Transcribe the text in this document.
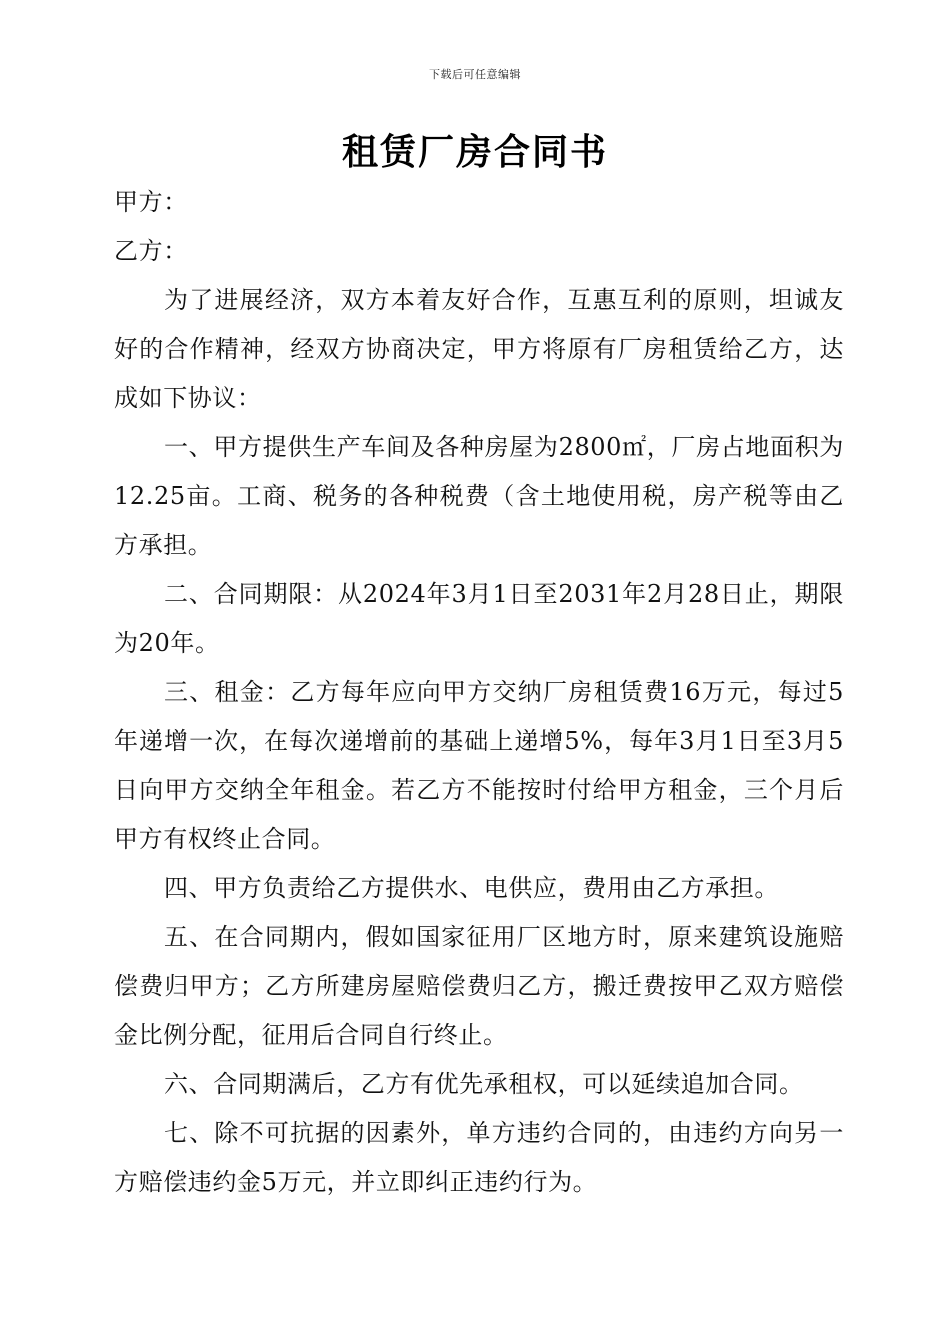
下载后可任意编辑
租赁厂房合同书

甲方：

乙方：

为了进展经济，双方本着友好合作，互惠互利的原则，坦诚友好的合作精神，经双方协商决定，甲方将原有厂房租赁给乙方，达成如下协议：

一、甲方提供生产车间及各种房屋为2800㎡，厂房占地面积为12.25亩。工商、税务的各种税费（含土地使用税，房产税等由乙方承担。

二、合同期限：从2024年3月1日至2031年2月28日止，期限为20年。

三、租金：乙方每年应向甲方交纳厂房租赁费16万元，每过5年递增一次，在每次递增前的基础上递增5%，每年3月1日至3月5日向甲方交纳全年租金。若乙方不能按时付给甲方租金，三个月后甲方有权终止合同。

四、甲方负责给乙方提供水、电供应，费用由乙方承担。

五、在合同期内，假如国家征用厂区地方时，原来建筑设施赔偿费归甲方；乙方所建房屋赔偿费归乙方，搬迁费按甲乙双方赔偿金比例分配，征用后合同自行终止。

六、合同期满后，乙方有优先承租权，可以延续追加合同。

七、除不可抗据的因素外，单方违约合同的，由违约方向另一方赔偿违约金5万元，并立即纠正违约行为。
